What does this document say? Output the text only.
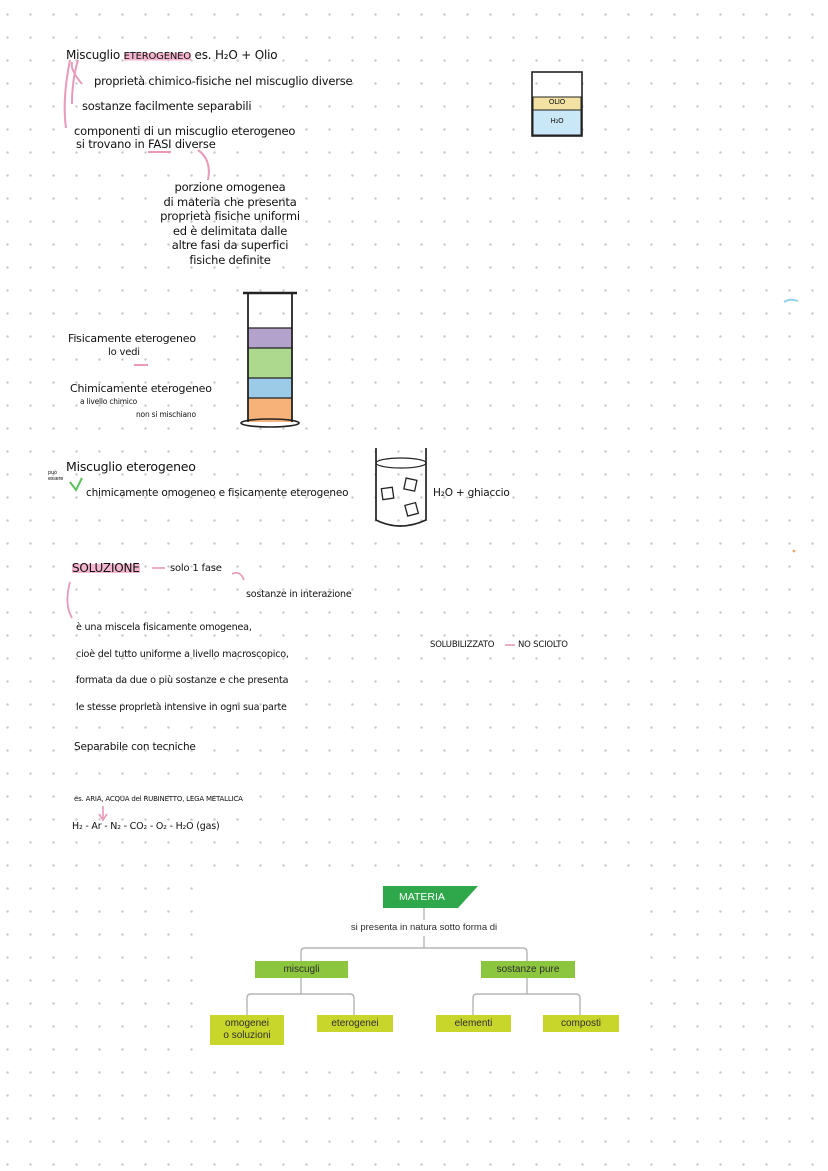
Miscuglio ETEROGENEO es. H₂O + Olio
proprietà chimico-fisiche nel miscuglio diverse
sostanze facilmente separabili
componenti di un miscuglio eterogeneo
si trovano in FASI diverse
porzione omogenea
di materia che presenta
proprietà fisiche uniformi
ed è delimitata dalle
altre fasi da superfici
fisiche definite
OLIO
H₂O
Fisicamente eterogeneo
lo vedi
Chimicamente eterogeneo
a livello chimico
non si mischiano
Miscuglio eterogeneo
può essere
chimicamente omogeneo e fisicamente eterogeneo	H₂O + ghiaccio
SOLUZIONE	solo 1 fase
sostanze in interazione
è una miscela fisicamente omogenea,
cioè del tutto uniforme a livello macroscopico,
formata da due o più sostanze e che presenta
le stesse proprietà intensive in ogni sua parte
SOLUBILIZZATO	NO SCIOLTO
Separabile con tecniche
es. ARIA, ACQUA del RUBINETTO, LEGA METALLICA
H₂ - Ar - N₂ - CO₂ - O₂ - H₂O (gas)
MATERIA
si presenta in natura sotto forma di
miscugli	sostanze pure
omogenei
o soluzioni
eterogenei	elementi	composti
